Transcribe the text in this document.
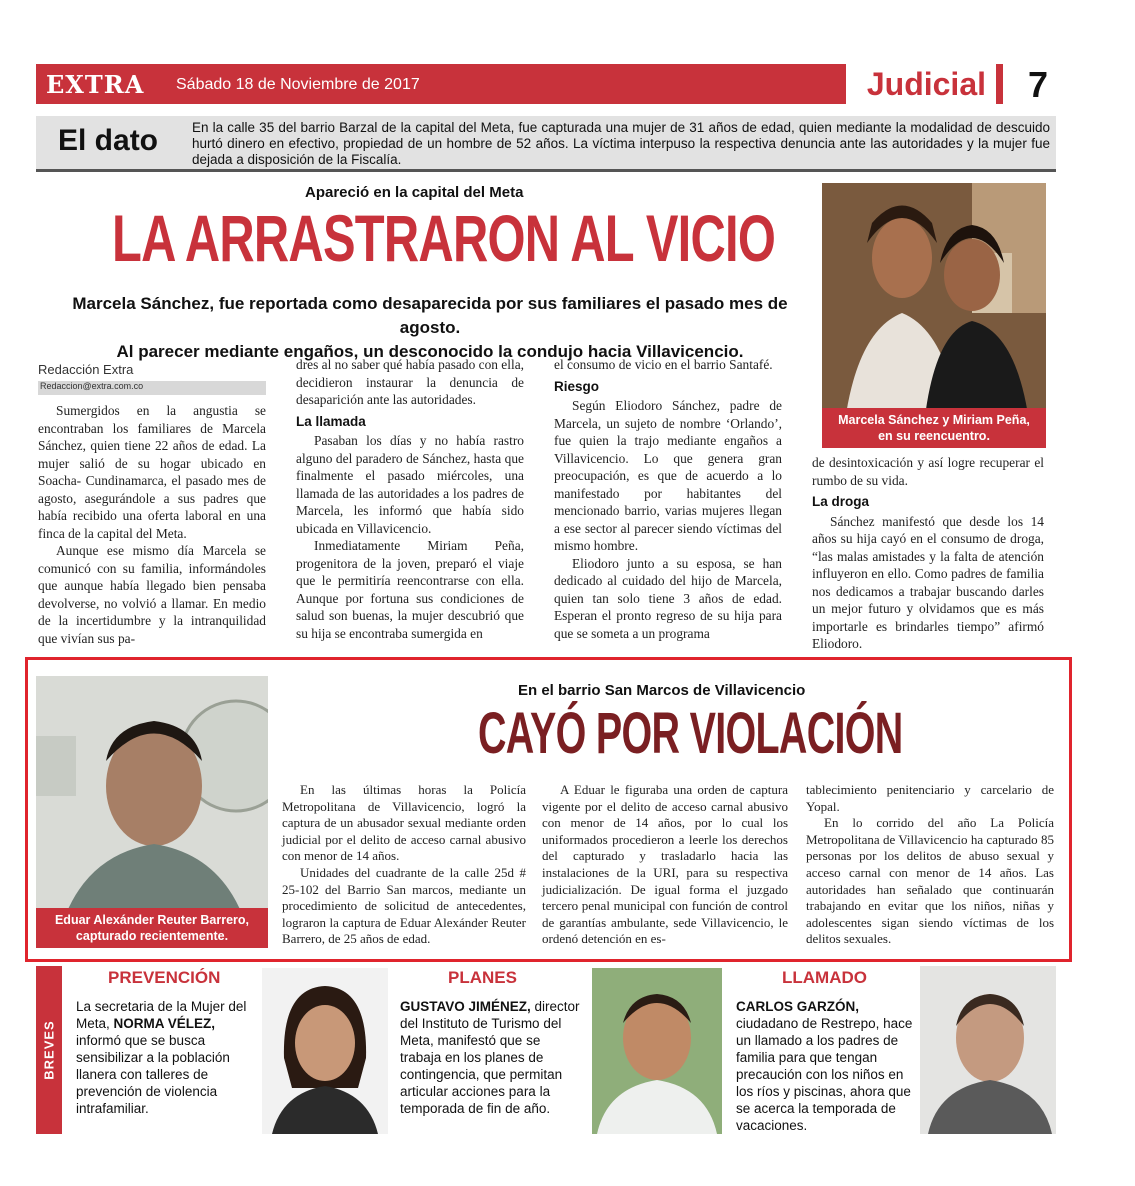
EXTRA Sábado 18 de Noviembre de 2017	Judicial 7
El dato	En la calle 35 del barrio Barzal de la capital del Meta, fue capturada una mujer de 31 años de edad, quien mediante la modalidad de descuido hurtó dinero en efectivo, propiedad de un hombre de 52 años. La víctima interpuso la respectiva denuncia ante las autoridades y la mujer fue dejada a disposición de la Fiscalía.
Apareció en la capital del Meta
LA ARRASTRARON AL VICIO
Marcela Sánchez, fue reportada como desaparecida por sus familiares el pasado mes de agosto.
Al parecer mediante engaños, un desconocido la condujo hacia Villavicencio.
Redacción Extra
Redaccion@extra.com.co

Sumergidos en la angustia se encontraban los familiares de Marcela Sánchez, quien tiene 22 años de edad. La mujer salió de su hogar ubicado en Soacha- Cundinamarca, el pasado mes de agosto, asegurándole a sus padres que había recibido una oferta laboral en una finca de la capital del Meta.

Aunque ese mismo día Marcela se comunicó con su familia, informándoles que aunque había llegado bien pensaba devolverse, no volvió a llamar. En medio de la incertidumbre y la intranquilidad que vivían sus pa-

dres al no saber qué había pasado con ella, decidieron instaurar la denuncia de desaparición ante las autoridades.

La llamada

Pasaban los días y no había rastro alguno del paradero de Sánchez, hasta que finalmente el pasado miércoles, una llamada de las autoridades a los padres de Marcela, les informó que había sido ubicada en Villavicencio.

Inmediatamente Miriam Peña, progenitora de la joven, preparó el viaje que le permitiría reencontrarse con ella. Aunque por fortuna sus condiciones de salud son buenas, la mujer descubrió que su hija se encontraba sumergida en

el consumo de vicio en el barrio Santafé.

Riesgo

Según Eliodoro Sánchez, padre de Marcela, un sujeto de nombre ‘Orlando’, fue quien la trajo mediante engaños a Villavicencio. Lo que genera gran preocupación, es que de acuerdo a lo manifestado por habitantes del mencionado barrio, varias mujeres llegan a ese sector al parecer siendo víctimas del mismo hombre.

Eliodoro junto a su esposa, se han dedicado al cuidado del hijo de Marcela, quien tan solo tiene 3 años de edad. Esperan el pronto regreso de su hija para que se someta a un programa

de desintoxicación y así logre recuperar el rumbo de su vida.

La droga

Sánchez manifestó que desde los 14 años su hija cayó en el consumo de droga, “las malas amistades y la falta de atención influyeron en ello. Como padres de familia nos dedicamos a trabajar buscando darles un mejor futuro y olvidamos que es más importarle es brindarles tiempo” afirmó Eliodoro.

Marcela Sánchez y Miriam Peña,
en su reencuentro.
Eduar Alexánder Reuter Barrero,
capturado recientemente.
En el barrio San Marcos de Villavicencio
CAYÓ POR VIOLACIÓN

En las últimas horas la Policía Metropolitana de Villavicencio, logró la captura de un abusador sexual mediante orden judicial por el delito de acceso carnal abusivo con menor de 14 años.

Unidades del cuadrante de la calle 25d # 25-102 del Barrio San marcos, mediante un procedimiento de solicitud de antecedentes, lograron la captura de Eduar Alexánder Reuter Barrero, de 25 años de edad.

A Eduar le figuraba una orden de captura vigente por el delito de acceso carnal abusivo con menor de 14 años, por lo cual los uniformados procedieron a leerle los derechos del capturado y trasladarlo hacia las instalaciones de la URI, para su respectiva judicialización. De igual forma el juzgado tercero penal municipal con función de control de garantías ambulante, sede Villavicencio, le ordenó detención en es-

tablecimiento penitenciario y carcelario de Yopal.

En lo corrido del año La Policía Metropolitana de Villavicencio ha capturado 85 personas por los delitos de abuso sexual y acceso carnal con menor de 14 años. Las autoridades han señalado que continuarán trabajando en evitar que los niños, niñas y adolescentes sigan siendo víctimas de los delitos sexuales.

BREVES
PREVENCIÓN
La secretaria de la Mujer del Meta, NORMA VÉLEZ, informó que se busca sensibilizar a la población llanera con talleres de prevención de violencia intrafamiliar.
PLANES
GUSTAVO JIMÉNEZ, director del Instituto de Turismo del Meta, manifestó que se trabaja en los planes de contingencia, que permitan articular acciones para la temporada de fin de año.
LLAMADO
CARLOS GARZÓN, ciudadano de Restrepo, hace un llamado a los padres de familia para que tengan precaución con los niños en los ríos y piscinas, ahora que se acerca la temporada de vacaciones.
